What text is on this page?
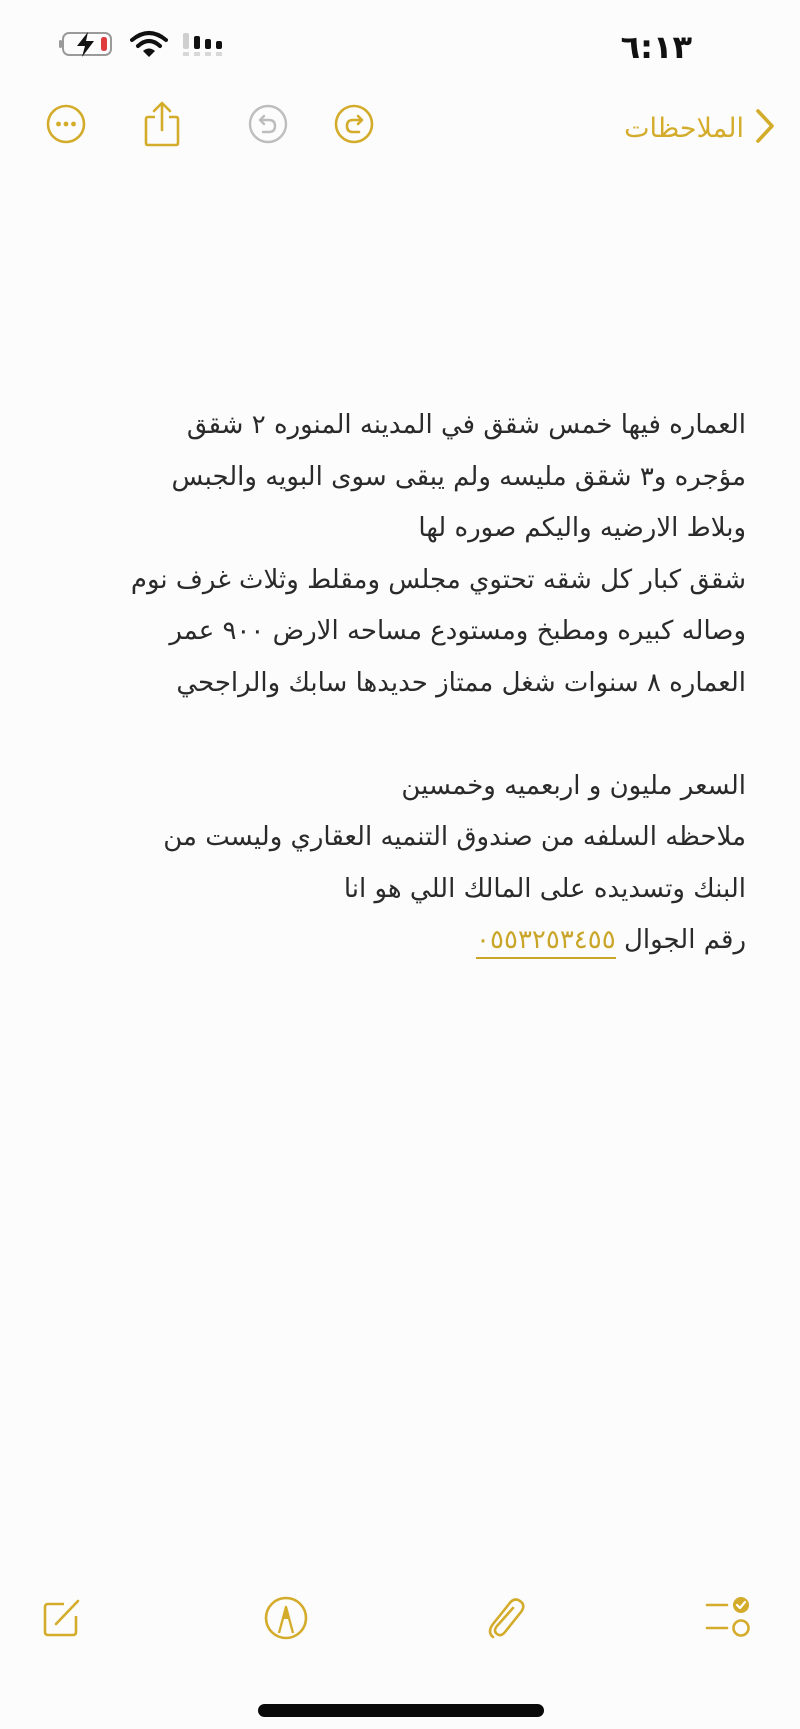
٦:١٣
الملاحظات
العماره فيها خمس شقق في المدينه المنوره ٢ شقق
مؤجره و٣ شقق مليسه ولم يبقى سوى البويه والجبس
وبلاط الارضيه واليكم صوره لها
شقق كبار كل شقه تحتوي مجلس ومقلط وثلاث غرف نوم
وصاله كبيره ومطبخ ومستودع مساحه الارض ٩٠٠ عمر
العماره ٨ سنوات شغل ممتاز حديدها سابك والراجحي
السعر مليون و اربعميه وخمسين
ملاحظه السلفه من صندوق التنميه العقاري وليست من
البنك وتسديده على المالك اللي هو انا
رقم الجوال ٠٥٥٣٢٥٣٤٥٥
